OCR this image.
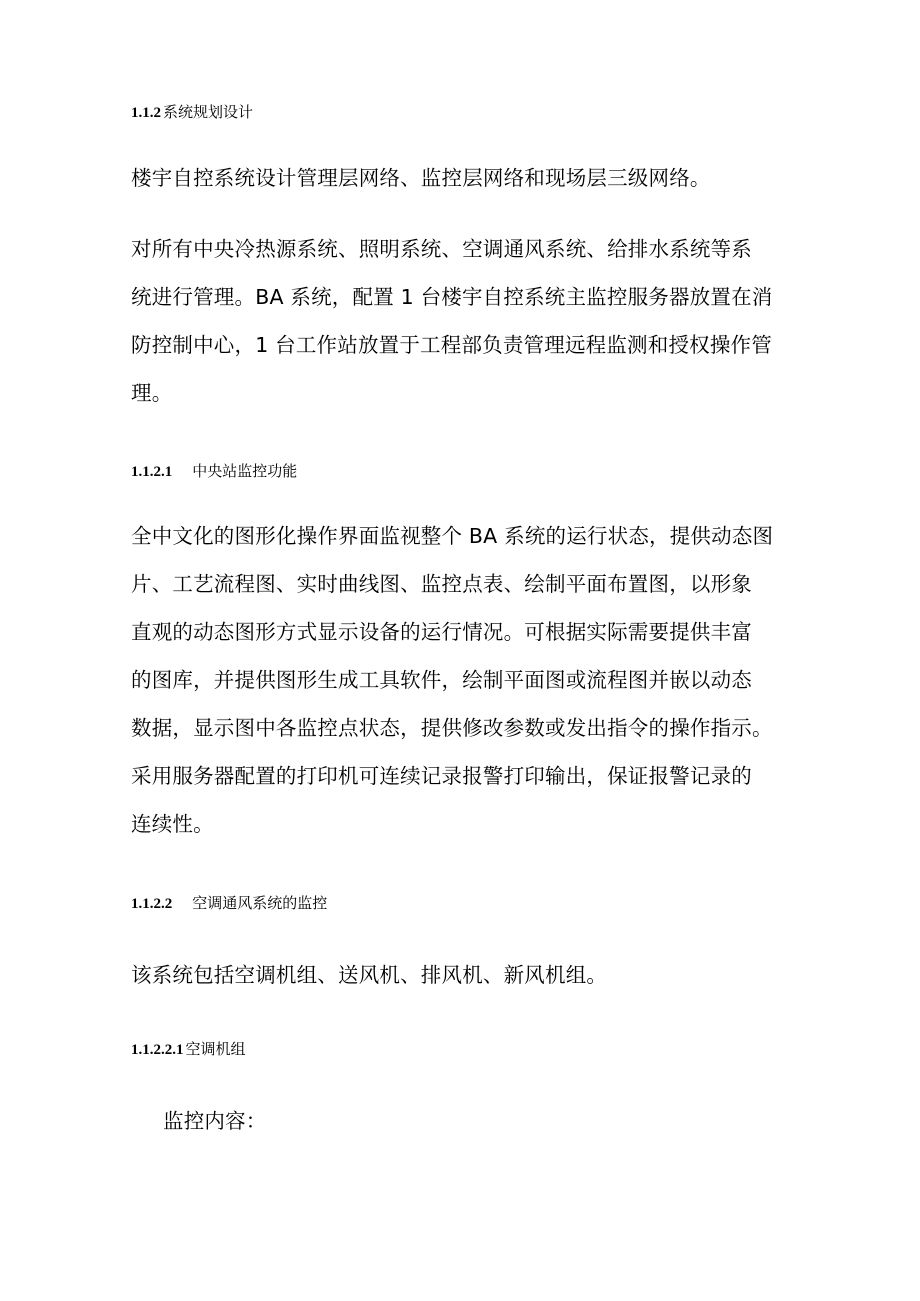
1.1.2 系统规划设计
楼宇自控系统设计管理层网络、监控层网络和现场层三级网络。
对所有中央冷热源系统、照明系统、空调通风系统、给排水系统等系
统进行管理。BA 系统，配置 1 台楼宇自控系统主监控服务器放置在消
防控制中心，1 台工作站放置于工程部负责管理远程监测和授权操作管
理。
1.1.2.1 中央站监控功能
全中文化的图形化操作界面监视整个 BA 系统的运行状态，提供动态图
片、工艺流程图、实时曲线图、监控点表、绘制平面布置图，以形象
直观的动态图形方式显示设备的运行情况。可根据实际需要提供丰富
的图库，并提供图形生成工具软件，绘制平面图或流程图并嵌以动态
数据，显示图中各监控点状态，提供修改参数或发出指令的操作指示。
采用服务器配置的打印机可连续记录报警打印输出，保证报警记录的
连续性。
1.1.2.2 空调通风系统的监控
该系统包括空调机组、送风机、排风机、新风机组。
1.1.2.2.1 空调机组
监控内容：
